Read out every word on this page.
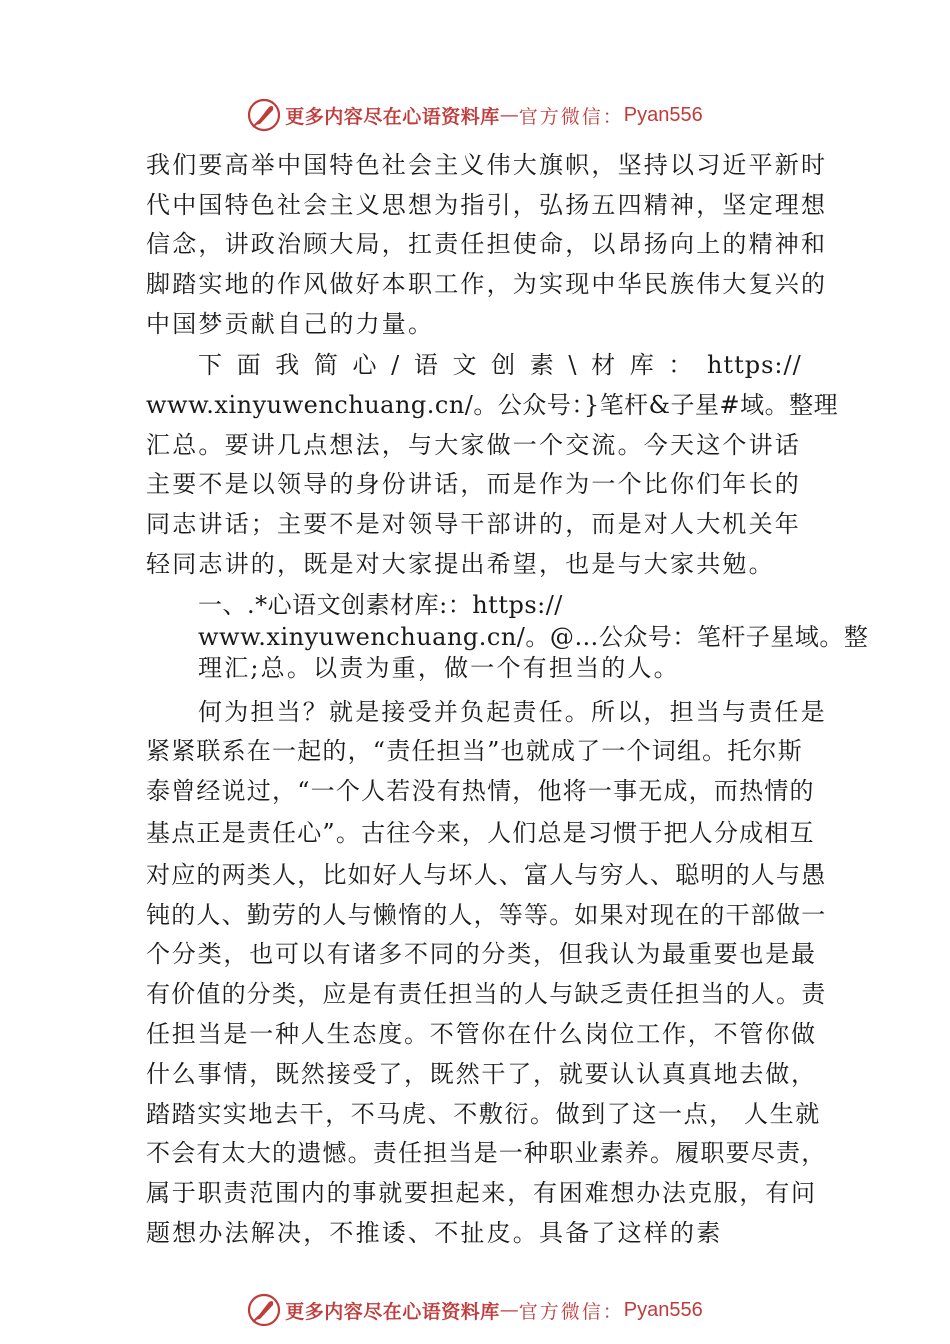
更多内容尽在心语资料库 — 官方微信： Pyan556
我们要高举中国特色社会主义伟大旗帜，坚持以习近平新时
代中国特色社会主义思想为指引，弘扬五四精神，坚定理想
信念，讲政治顾大局，扛责任担使命，以昂扬向上的精神和
脚踏实地的作风做好本职工作，为实现中华民族伟大复兴的
中国梦贡献自己的力量。
下 面 我 简 心 / 语 文 创 素 \ 材 库 ： https://
www.xinyuwenchuang.cn/。公众号：}笔杆&子星#域。整理
汇总。要讲几点想法，与大家做一个交流。今天这个讲话
主要不是以领导的身份讲话，而是作为一个比你们年长的
同志讲话；主要不是对领导干部讲的，而是对人大机关年
轻同志讲的，既是对大家提出希望，也是与大家共勉。
一、.*心语文创素材库:：https://
www.xinyuwenchuang.cn/。@…公众号：笔杆子星域。整
理汇;总。以责为重，做一个有担当的人。
何为担当？就是接受并负起责任。所以，担当与责任是
紧紧联系在一起的，“责任担当”也就成了一个词组。托尔斯
泰曾经说过，“一个人若没有热情，他将一事无成，而热情的
基点正是责任心”。古往今来，人们总是习惯于把人分成相互
对应的两类人，比如好人与坏人、富人与穷人、聪明的人与愚
钝的人、勤劳的人与懒惰的人，等等。如果对现在的干部做一
个分类，也可以有诸多不同的分类，但我认为最重要也是最
有价值的分类，应是有责任担当的人与缺乏责任担当的人。责
任担当是一种人生态度。不管你在什么岗位工作，不管你做
什么事情，既然接受了，既然干了，就要认认真真地去做，
踏踏实实地去干，不马虎、不敷衍。做到了这一点， 人生就
不会有太大的遗憾。责任担当是一种职业素养。履职要尽责，
属于职责范围内的事就要担起来，有困难想办法克服，有问
题想办法解决，不推诿、不扯皮。具备了这样的素
更多内容尽在心语资料库 — 官方微信： Pyan556
